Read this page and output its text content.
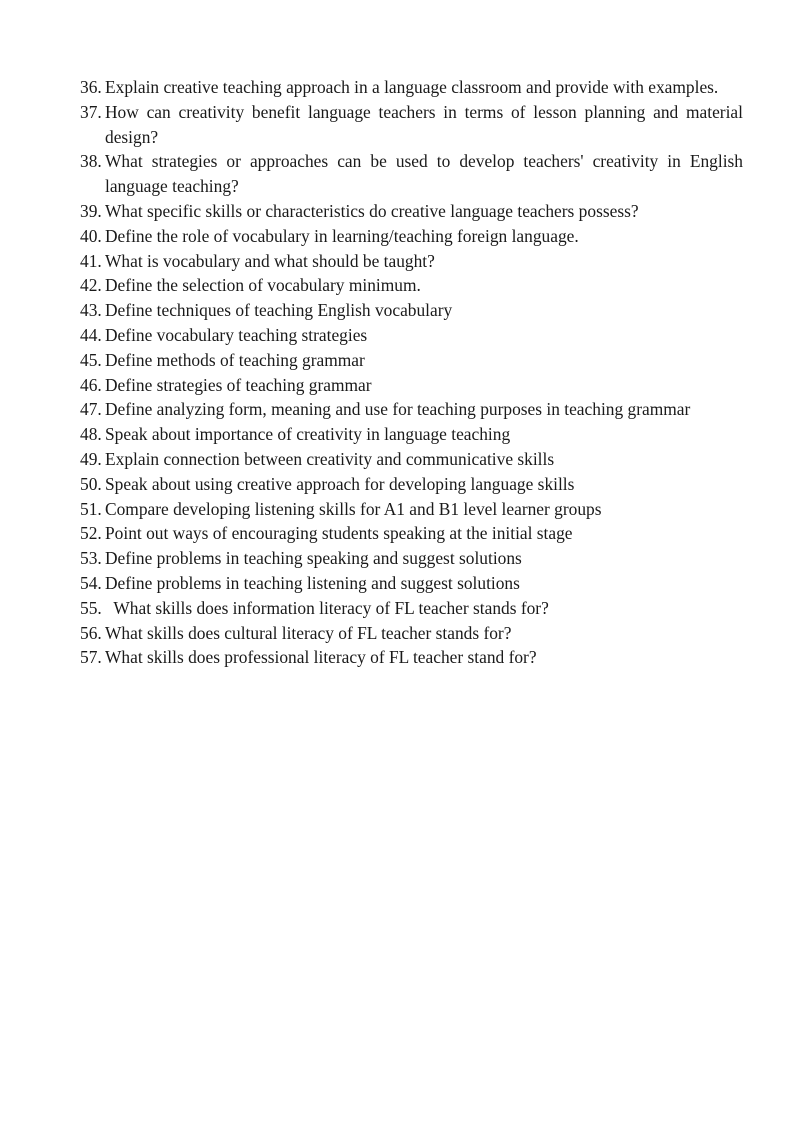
36. Explain creative teaching approach in a language classroom and provide with examples.
37. How can creativity benefit language teachers in terms of lesson planning and material design?
38. What strategies or approaches can be used to develop teachers' creativity in English language teaching?
39. What specific skills or characteristics do creative language teachers possess?
40. Define the role of vocabulary in learning/teaching foreign language.
41. What is vocabulary and what should be taught?
42. Define the selection of vocabulary minimum.
43. Define techniques of teaching English vocabulary
44. Define vocabulary teaching strategies
45. Define methods of teaching grammar
46. Define strategies of teaching grammar
47. Define analyzing form, meaning and use for teaching purposes in teaching grammar
48. Speak about importance of creativity in language teaching
49. Explain connection between creativity and communicative skills
50. Speak about using creative approach for developing language skills
51. Compare developing listening skills for A1 and B1 level learner groups
52. Point out ways of encouraging students speaking at the initial stage
53. Define problems in teaching speaking and suggest solutions
54. Define problems in teaching listening and suggest solutions
55. What skills does information literacy of FL teacher stands for?
56. What skills does cultural literacy of FL teacher stands for?
57. What skills does professional literacy of FL teacher stand for?
